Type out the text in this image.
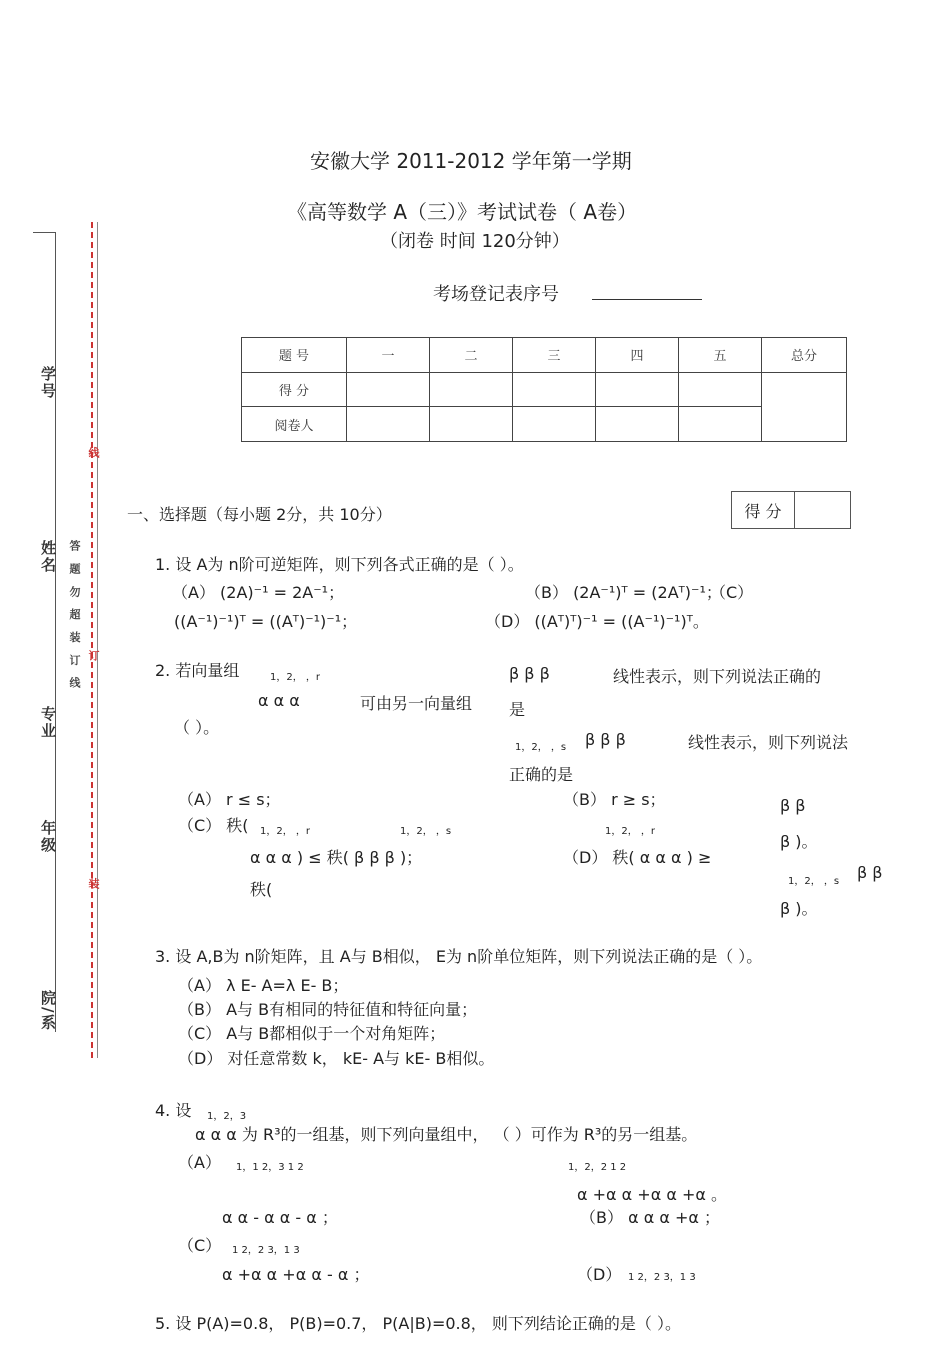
学号
姓名
专业
年级
院/系
答 题 勿 超 装 订 线
线
订
装
安徽大学 2011-2012 学年第一学期
《高等数学 A（三）》考试试卷（ A卷）
（闭卷 时间 120分钟）
考场登记表序号
题 号	一	二	三	四	五	总分
得 分						
阅卷人						
一、选择题（每小题 2分，共 10分）	得 分	
1. 设 A为 n阶可逆矩阵，则下列各式正确的是（ ）。
（A） (2A)⁻¹ = 2A⁻¹；	（B） (2A⁻¹)ᵀ = (2Aᵀ)⁻¹；
（C）
((A⁻¹)⁻¹)ᵀ = ((Aᵀ)⁻¹)⁻¹；	（D） ((Aᵀ)ᵀ)⁻¹ = ((A⁻¹)⁻¹)ᵀ。
2. 若向量组	1，2， ，r
α α α	可由另一向量组
（ ）。
β β β	线性表示，则下列说法正确的
是
1，2， ，s β β β	线性表示，则下列说法
正确的是
（A） r ≤ s；	（B） r ≥ s；
（C） 秩( 1，2， ，r	1，2， ，s	1，2， ，r
α α α ) ≤ 秩( β β β )；	（D） 秩( α α α ) ≥
秩(
β β
β )。
1，2， ，s β β
β )。
3. 设 A,B为 n阶矩阵，且 A与 B相似， E为 n阶单位矩阵，则下列说法正确的是（ ）。
（A） λ E- A=λ E- B；
（B） A与 B有相同的特征值和特征向量；
（C） A与 B都相似于一个对角矩阵；
（D） 对任意常数 k， kE- A与 kE- B相似。
4. 设 1，2，3
α α α 为 R³的一组基，则下列向量组中， （ ）可作为 R³的另一组基。
（A） 1，1 2，3 1 2
α α - α α - α ；
1，2，2 1 2
α +α α +α α +α 。
（B） α α α +α ；
（C） 1 2，2 3，1 3
α +α α +α α - α ；	（D） 1 2，2 3，1 3
5. 设 P(A)=0.8， P(B)=0.7， P(A|B)=0.8， 则下列结论正确的是（ ）。
